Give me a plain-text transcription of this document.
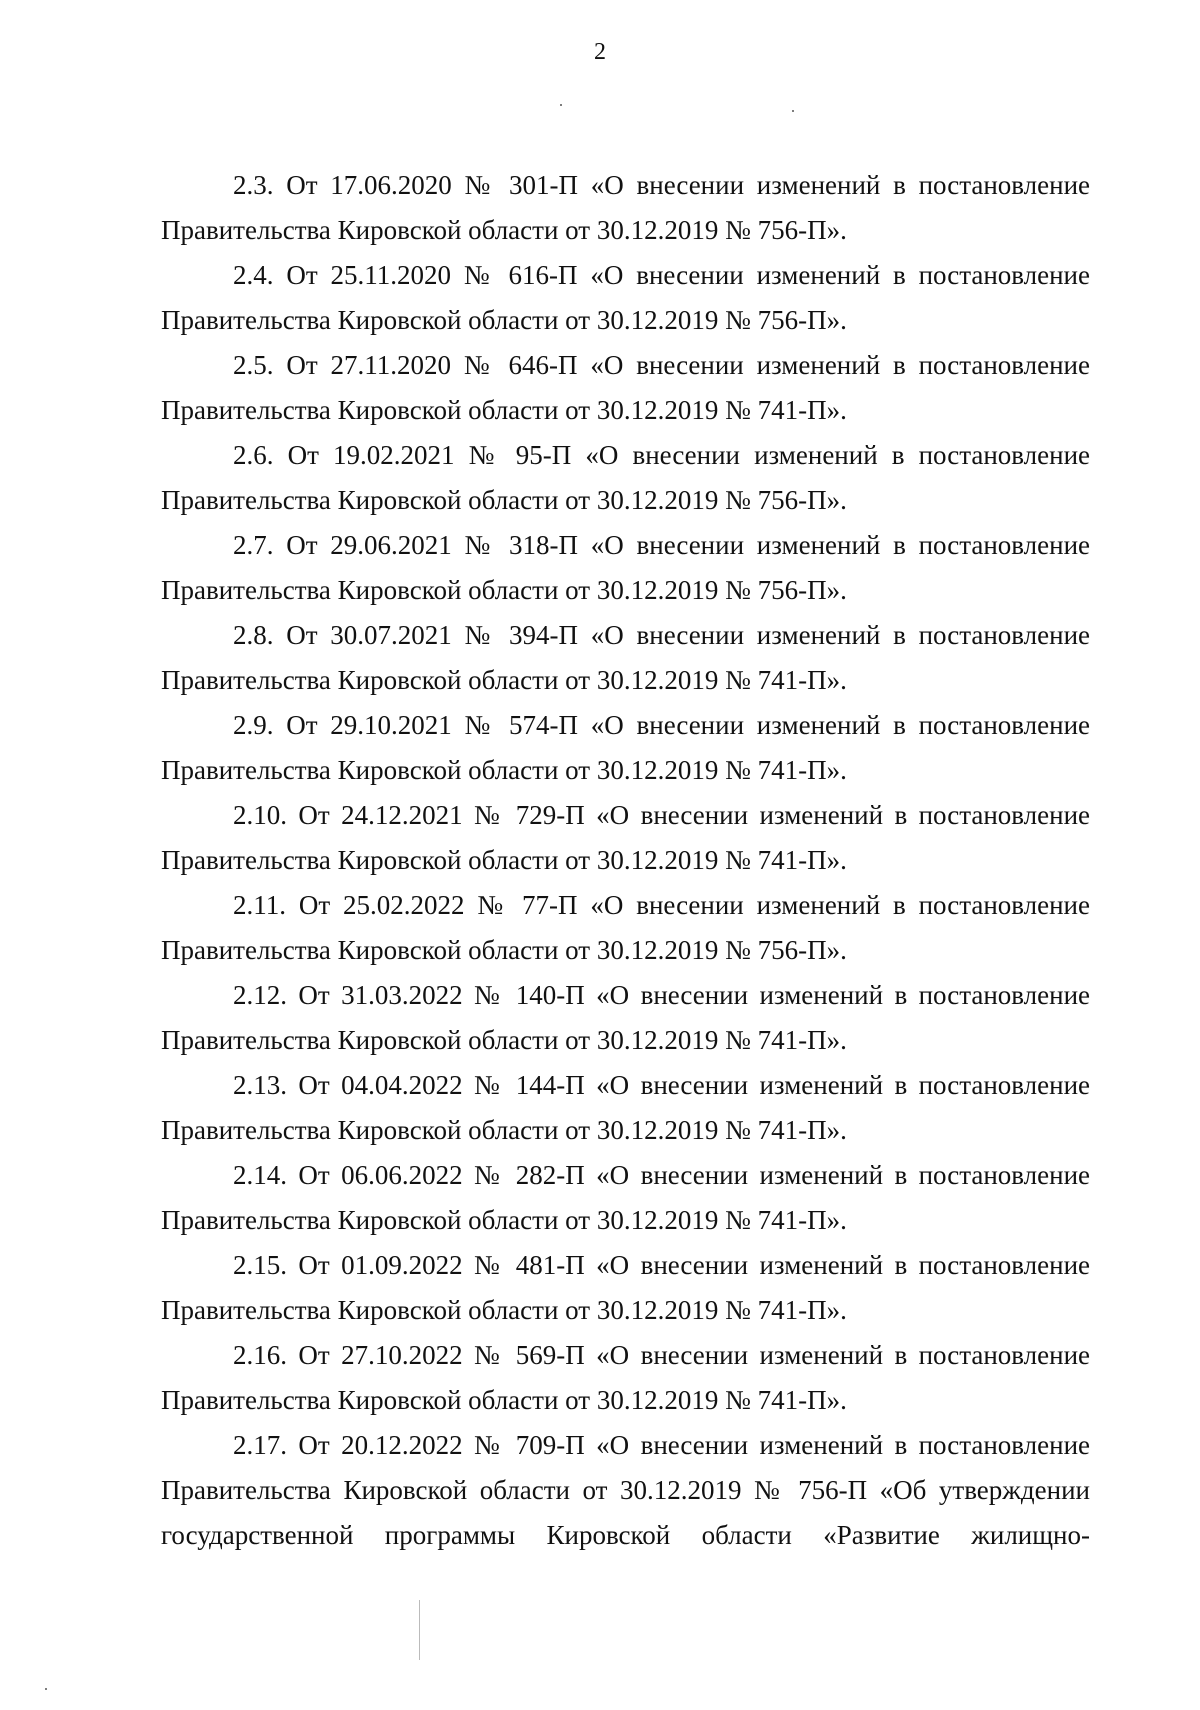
2

2.3. От 17.06.2020 № 301-П «О внесении изменений в постановление
Правительства Кировской области от 30.12.2019 № 756-П».

2.4. От 25.11.2020 № 616-П «О внесении изменений в постановление
Правительства Кировской области от 30.12.2019 № 756-П».

2.5. От 27.11.2020 № 646-П «О внесении изменений в постановление
Правительства Кировской области от 30.12.2019 № 741-П».

2.6. От 19.02.2021 № 95-П «О внесении изменений в постановление
Правительства Кировской области от 30.12.2019 № 756-П».

2.7. От 29.06.2021 № 318-П «О внесении изменений в постановление
Правительства Кировской области от 30.12.2019 № 756-П».

2.8. От 30.07.2021 № 394-П «О внесении изменений в постановление
Правительства Кировской области от 30.12.2019 № 741-П».

2.9. От 29.10.2021 № 574-П «О внесении изменений в постановление
Правительства Кировской области от 30.12.2019 № 741-П».

2.10. От 24.12.2021 № 729-П «О внесении изменений в постановление
Правительства Кировской области от 30.12.2019 № 741-П».

2.11. От 25.02.2022 № 77-П «О внесении изменений в постановление
Правительства Кировской области от 30.12.2019 № 756-П».

2.12. От 31.03.2022 № 140-П «О внесении изменений в постановление
Правительства Кировской области от 30.12.2019 № 741-П».

2.13. От 04.04.2022 № 144-П «О внесении изменений в постановление
Правительства Кировской области от 30.12.2019 № 741-П».

2.14. От 06.06.2022 № 282-П «О внесении изменений в постановление
Правительства Кировской области от 30.12.2019 № 741-П».

2.15. От 01.09.2022 № 481-П «О внесении изменений в постановление
Правительства Кировской области от 30.12.2019 № 741-П».

2.16. От 27.10.2022 № 569-П «О внесении изменений в постановление
Правительства Кировской области от 30.12.2019 № 741-П».

2.17. От 20.12.2022 № 709-П «О внесении изменений в постановление
Правительства Кировской области от 30.12.2019 № 756-П «Об утверждении
государственной программы Кировской области «Развитие жилищно-
